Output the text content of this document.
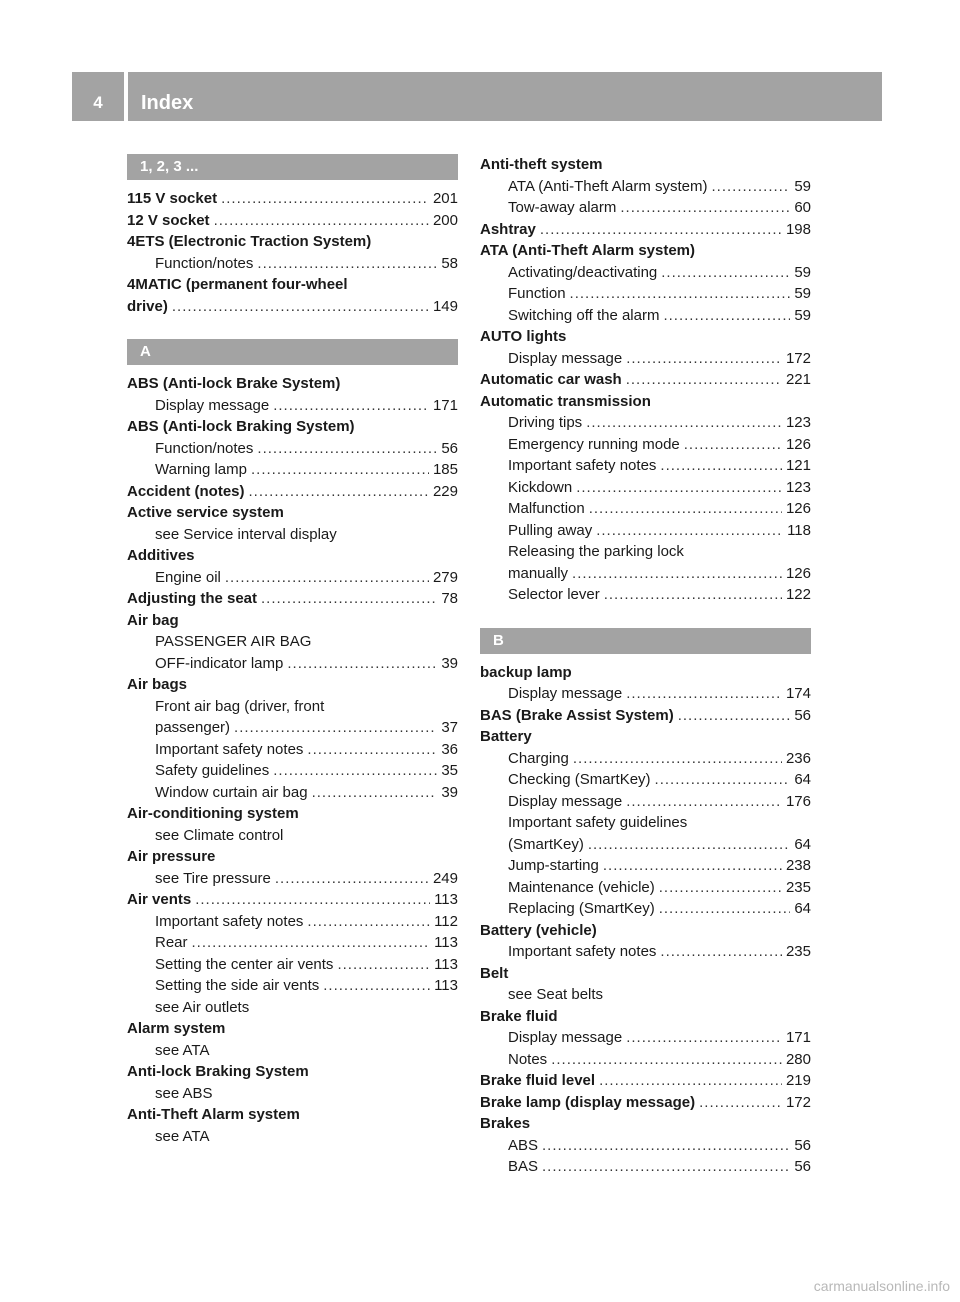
4	Index
1, 2, 3 ...
115 V socket .....	201
12 V socket .....	200
4ETS (Electronic Traction System)
Function/notes .....	58
4MATIC (permanent four-wheel
drive) .....	149
A
ABS (Anti-lock Brake System)
Display message .....	171
ABS (Anti-lock Braking System)
Function/notes .....	56
Warning lamp .....	185
Accident (notes) .....	229
Active service system
see Service interval display
Additives
Engine oil .....	279
Adjusting the seat .....	78
Air bag
PASSENGER AIR BAG
OFF-indicator lamp .....	39
Air bags
Front air bag (driver, front
passenger) .....	37
Important safety notes .....	36
Safety guidelines .....	35
Window curtain air bag .....	39
Air-conditioning system
see Climate control
Air pressure
see Tire pressure .....	249
Air vents .....	113
Important safety notes .....	112
Rear .....	113
Setting the center air vents .....	113
Setting the side air vents .....	113
see Air outlets
Alarm system
see ATA
Anti-lock Braking System
see ABS
Anti-Theft Alarm system
see ATA
Anti-theft system
ATA (Anti-Theft Alarm system) .....	59
Tow-away alarm .....	60
Ashtray .....	198
ATA (Anti-Theft Alarm system)
Activating/deactivating .....	59
Function .....	59
Switching off the alarm .....	59
AUTO lights
Display message .....	172
Automatic car wash .....	221
Automatic transmission
Driving tips .....	123
Emergency running mode .....	126
Important safety notes .....	121
Kickdown .....	123
Malfunction .....	126
Pulling away .....	118
Releasing the parking lock
manually .....	126
Selector lever .....	122
B
backup lamp
Display message .....	174
BAS (Brake Assist System) .....	56
Battery
Charging .....	236
Checking (SmartKey) .....	64
Display message .....	176
Important safety guidelines
(SmartKey) .....	64
Jump-starting .....	238
Maintenance (vehicle) .....	235
Replacing (SmartKey) .....	64
Battery (vehicle)
Important safety notes .....	235
Belt
see Seat belts
Brake fluid
Display message .....	171
Notes .....	280
Brake fluid level .....	219
Brake lamp (display message) .....	172
Brakes
ABS .....	56
BAS .....	56
carmanualsonline.info
